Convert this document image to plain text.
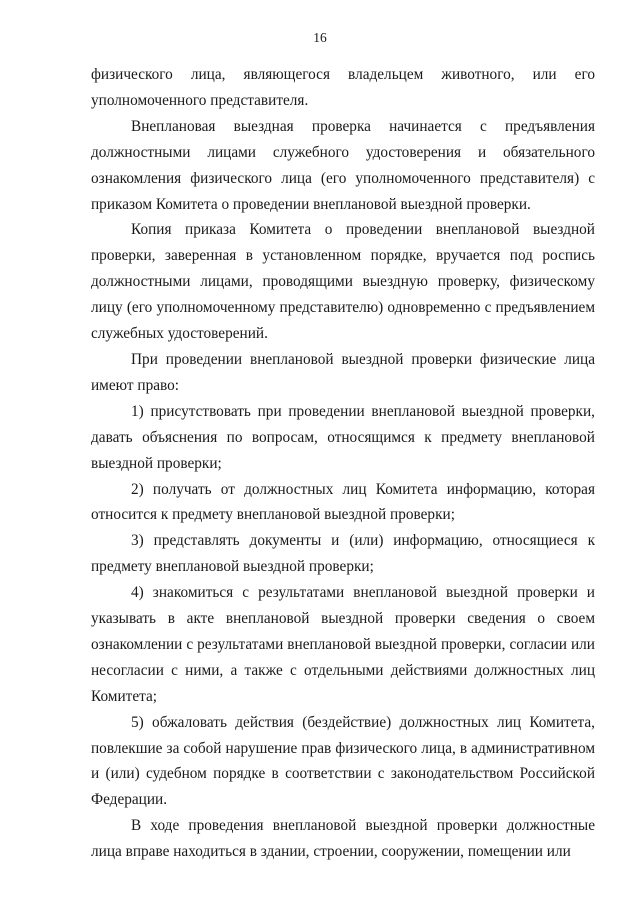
16

физического лица, являющегося владельцем животного, или его уполномоченного представителя.

Внеплановая выездная проверка начинается с предъявления должностными лицами служебного удостоверения и обязательного ознакомления физического лица (его уполномоченного представителя) с приказом Комитета о проведении внеплановой выездной проверки.

Копия приказа Комитета о проведении внеплановой выездной проверки, заверенная в установленном порядке, вручается под роспись должностными лицами, проводящими выездную проверку, физическому лицу (его уполномоченному представителю) одновременно с предъявлением служебных удостоверений.

При проведении внеплановой выездной проверки физические лица имеют право:

1) присутствовать при проведении внеплановой выездной проверки, давать объяснения по вопросам, относящимся к предмету внеплановой выездной проверки;

2) получать от должностных лиц Комитета информацию, которая относится к предмету внеплановой выездной проверки;

3) представлять документы и (или) информацию, относящиеся к предмету внеплановой выездной проверки;

4) знакомиться с результатами внеплановой выездной проверки и указывать в акте внеплановой выездной проверки сведения о своем ознакомлении с результатами внеплановой выездной проверки, согласии или несогласии с ними, а также с отдельными действиями должностных лиц Комитета;

5) обжаловать действия (бездействие) должностных лиц Комитета, повлекшие за собой нарушение прав физического лица, в административном и (или) судебном порядке в соответствии с законодательством Российской Федерации.

В ходе проведения внеплановой выездной проверки должностные лица вправе находиться в здании, строении, сооружении, помещении или
